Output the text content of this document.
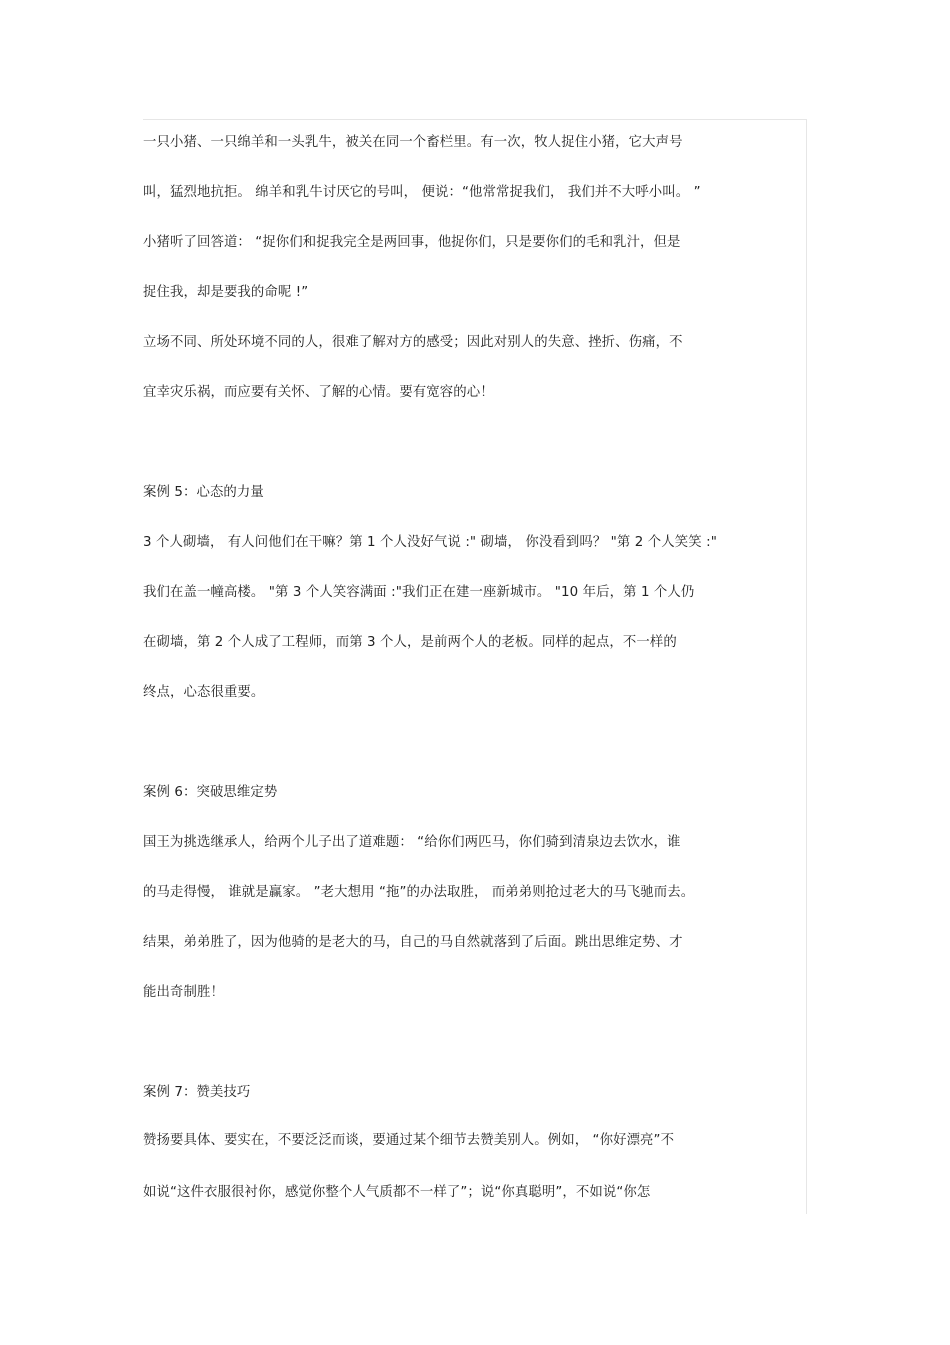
一只小猪、一只绵羊和一头乳牛，被关在同一个畜栏里。有一次，牧人捉住小猪，它大声号
叫，猛烈地抗拒。 绵羊和乳牛讨厌它的号叫， 便说：“他常常捉我们， 我们并不大呼小叫。 ”
小猪听了回答道： “捉你们和捉我完全是两回事，他捉你们，只是要你们的毛和乳汁，但是
捉住我，却是要我的命呢 !”
立场不同、所处环境不同的人，很难了解对方的感受；因此对别人的失意、挫折、伤痛，不
宜幸灾乐祸，而应要有关怀、了解的心情。要有宽容的心！
案例 5：心态的力量
3 个人砌墙， 有人问他们在干嘛？第 1 个人没好气说 :" 砌墙， 你没看到吗？ "第 2 个人笑笑 :"
我们在盖一幢高楼。 "第 3 个人笑容满面 :"我们正在建一座新城市。 "10 年后，第 1 个人仍
在砌墙，第 2 个人成了工程师，而第 3 个人，是前两个人的老板。同样的起点，不一样的
终点，心态很重要。
案例 6：突破思维定势
国王为挑选继承人，给两个儿子出了道难题： “给你们两匹马，你们骑到清泉边去饮水，谁
的马走得慢， 谁就是赢家。 ”老大想用 “拖”的办法取胜， 而弟弟则抢过老大的马飞驰而去。
结果，弟弟胜了，因为他骑的是老大的马，自己的马自然就落到了后面。跳出思维定势、才
能出奇制胜！
案例 7：赞美技巧
赞扬要具体、要实在，不要泛泛而谈，要通过某个细节去赞美别人。例如， “你好漂亮”不
如说“这件衣服很衬你，感觉你整个人气质都不一样了”；说“你真聪明”，不如说“你怎
